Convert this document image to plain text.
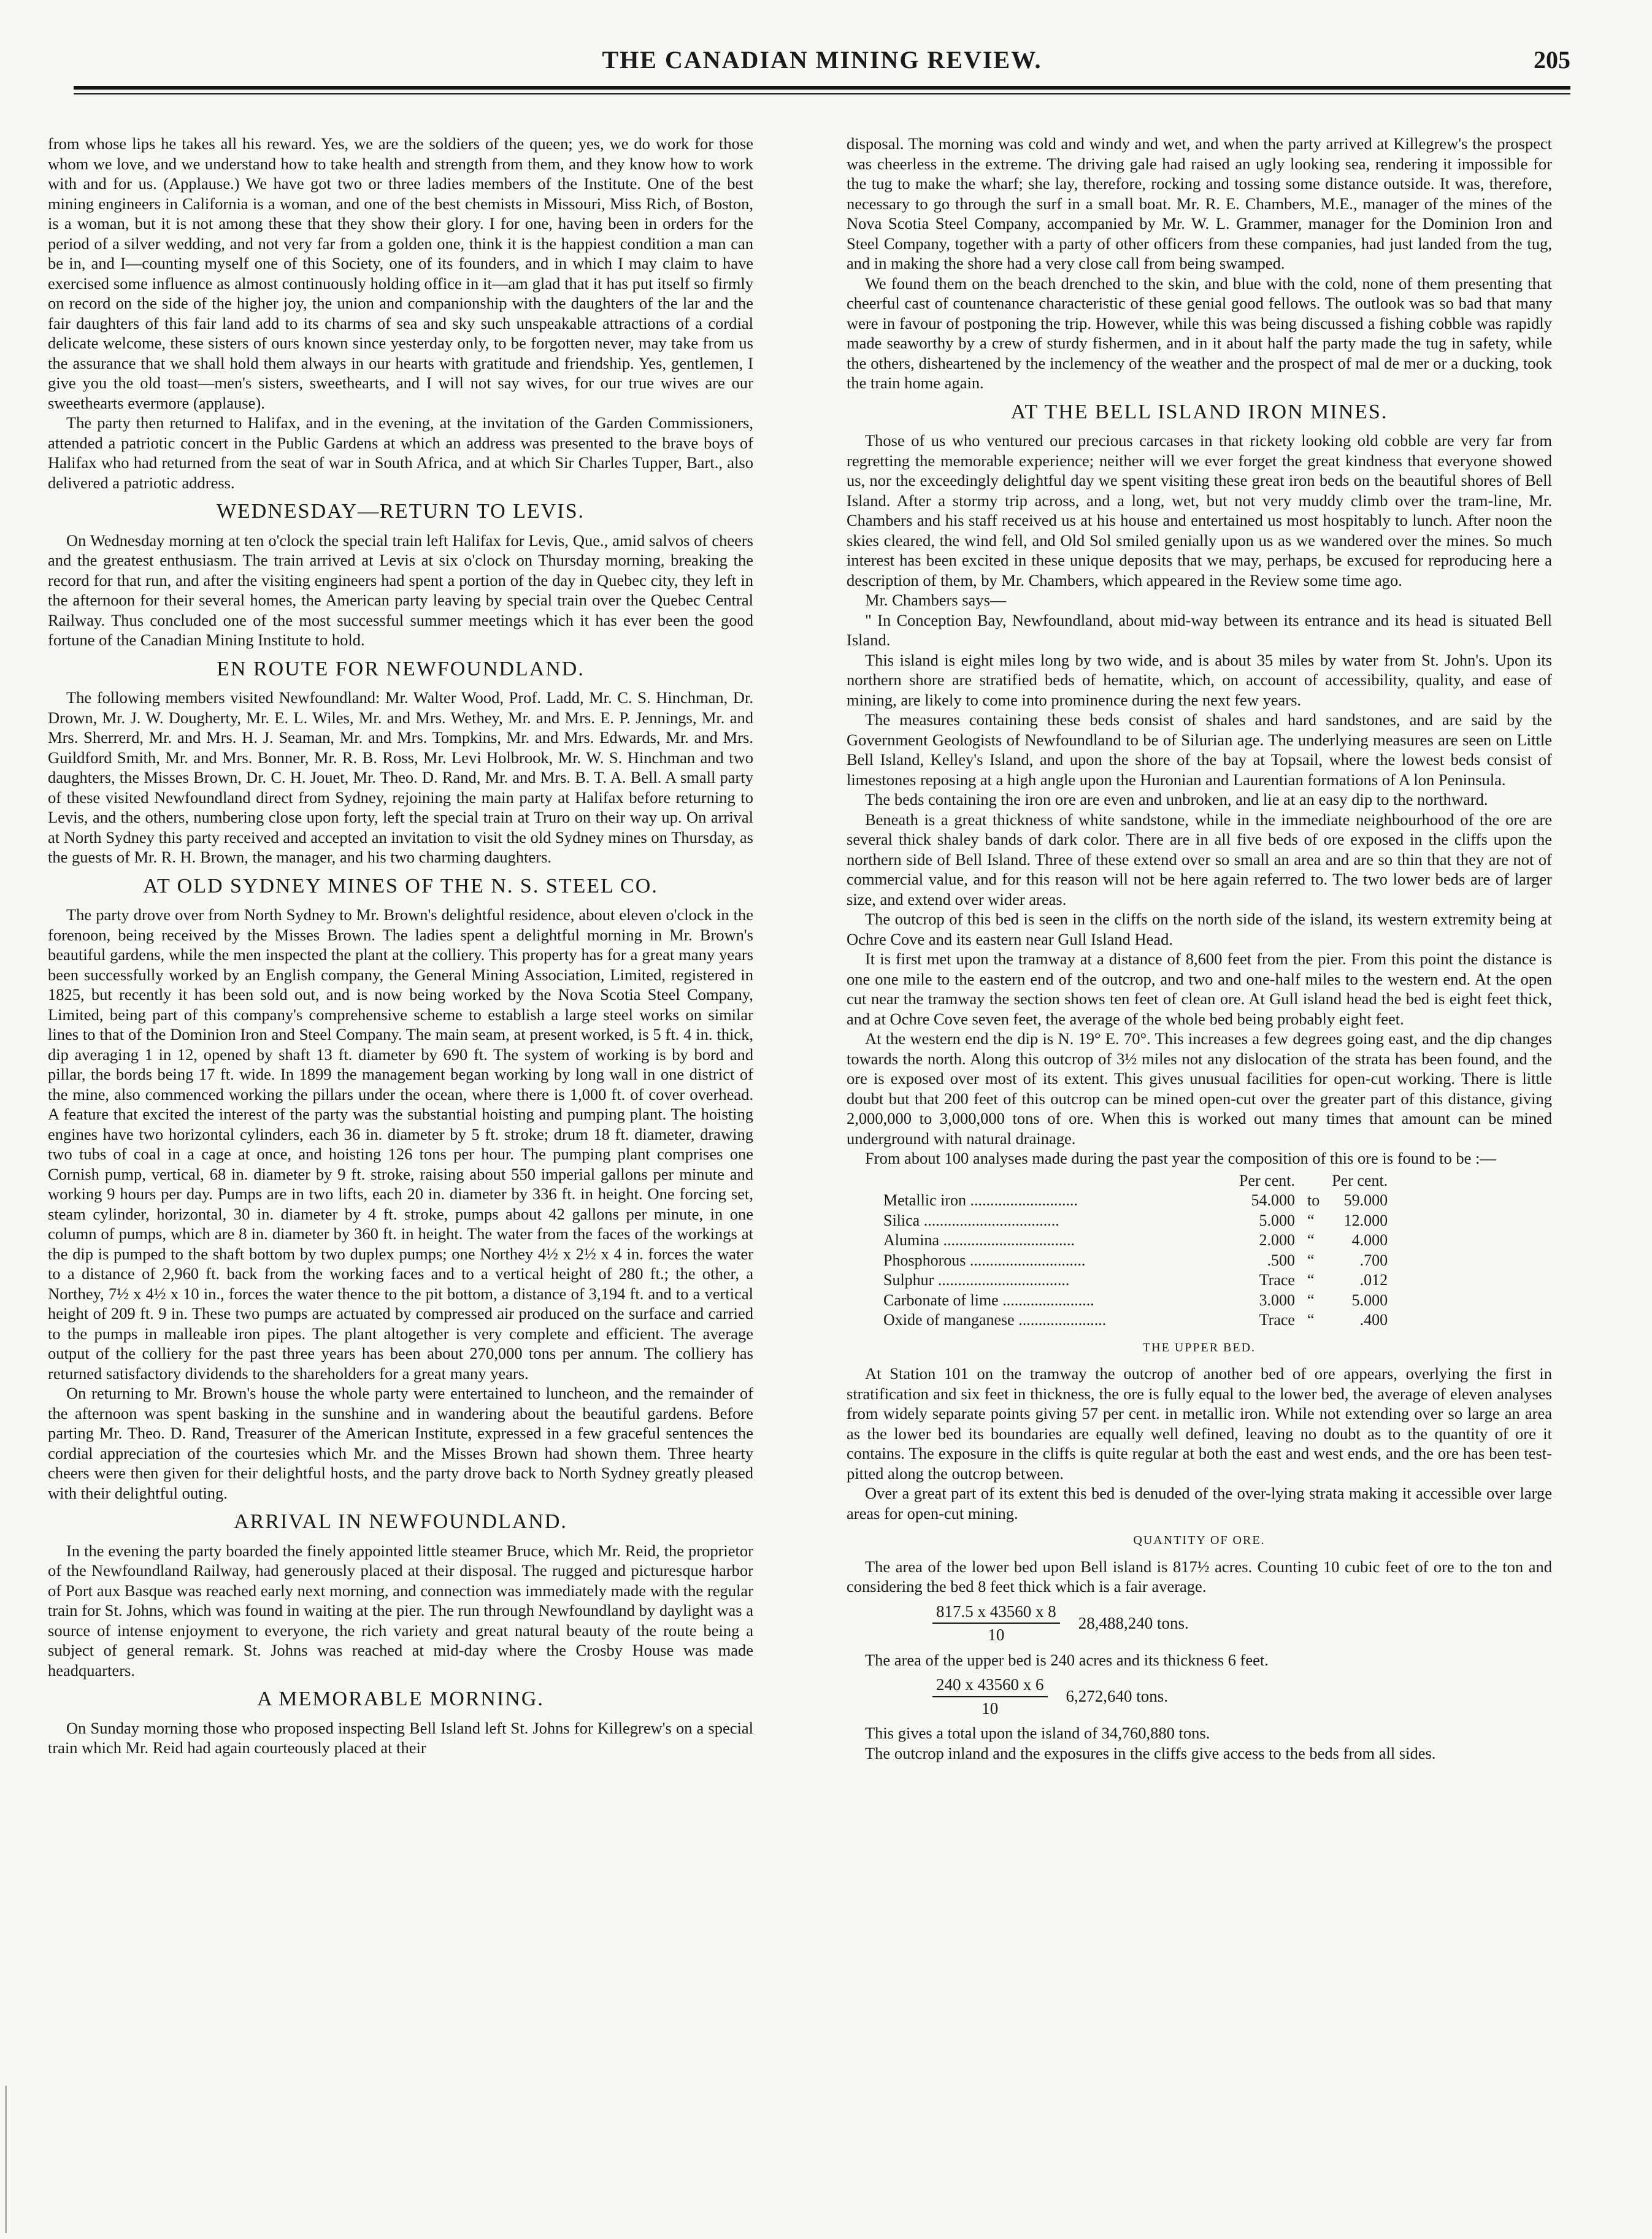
THE CANADIAN MINING REVIEW.	205

from whose lips he takes all his reward. Yes, we are the soldiers of the queen; yes, we do work for those whom we love, and we understand how to take health and strength from them, and they know how to work with and for us. (Applause.) We have got two or three ladies members of the Institute. One of the best mining engineers in California is a woman, and one of the best chemists in Missouri, Miss Rich, of Boston, is a woman, but it is not among these that they show their glory. I for one, having been in orders for the period of a silver wedding, and not very far from a golden one, think it is the happiest condition a man can be in, and I—counting myself one of this Society, one of its founders, and in which I may claim to have exercised some influence as almost continuously holding office in it—am glad that it has put itself so firmly on record on the side of the higher joy, the union and companionship with the daughters of the lar and the fair daughters of this fair land add to its charms of sea and sky such unspeakable attractions of a cordial delicate welcome, these sisters of ours known since yesterday only, to be forgotten never, may take from us the assurance that we shall hold them always in our hearts with gratitude and friendship. Yes, gentlemen, I give you the old toast—men's sisters, sweethearts, and I will not say wives, for our true wives are our sweethearts evermore (applause).

The party then returned to Halifax, and in the evening, at the invitation of the Garden Commissioners, attended a patriotic concert in the Public Gardens at which an address was presented to the brave boys of Halifax who had returned from the seat of war in South Africa, and at which Sir Charles Tupper, Bart., also delivered a patriotic address.

WEDNESDAY—RETURN TO LEVIS.

On Wednesday morning at ten o'clock the special train left Halifax for Levis, Que., amid salvos of cheers and the greatest enthusiasm. The train arrived at Levis at six o'clock on Thursday morning, breaking the record for that run, and after the visiting engineers had spent a portion of the day in Quebec city, they left in the afternoon for their several homes, the American party leaving by special train over the Quebec Central Railway. Thus concluded one of the most successful summer meetings which it has ever been the good fortune of the Canadian Mining Institute to hold.

EN ROUTE FOR NEWFOUNDLAND.

The following members visited Newfoundland: Mr. Walter Wood, Prof. Ladd, Mr. C. S. Hinchman, Dr. Drown, Mr. J. W. Dougherty, Mr. E. L. Wiles, Mr. and Mrs. Wethey, Mr. and Mrs. E. P. Jennings, Mr. and Mrs. Sherrerd, Mr. and Mrs. H. J. Seaman, Mr. and Mrs. Tompkins, Mr. and Mrs. Edwards, Mr. and Mrs. Guildford Smith, Mr. and Mrs. Bonner, Mr. R. B. Ross, Mr. Levi Holbrook, Mr. W. S. Hinchman and two daughters, the Misses Brown, Dr. C. H. Jouet, Mr. Theo. D. Rand, Mr. and Mrs. B. T. A. Bell. A small party of these visited Newfoundland direct from Sydney, rejoining the main party at Halifax before returning to Levis, and the others, numbering close upon forty, left the special train at Truro on their way up. On arrival at North Sydney this party received and accepted an invitation to visit the old Sydney mines on Thursday, as the guests of Mr. R. H. Brown, the manager, and his two charming daughters.

AT OLD SYDNEY MINES OF THE N. S. STEEL CO.

The party drove over from North Sydney to Mr. Brown's delightful residence, about eleven o'clock in the forenoon, being received by the Misses Brown. The ladies spent a delightful morning in Mr. Brown's beautiful gardens, while the men inspected the plant at the colliery. This property has for a great many years been successfully worked by an English company, the General Mining Association, Limited, registered in 1825, but recently it has been sold out, and is now being worked by the Nova Scotia Steel Company, Limited, being part of this company's comprehensive scheme to establish a large steel works on similar lines to that of the Dominion Iron and Steel Company. The main seam, at present worked, is 5 ft. 4 in. thick, dip averaging 1 in 12, opened by shaft 13 ft. diameter by 690 ft. The system of working is by bord and pillar, the bords being 17 ft. wide. In 1899 the management began working by long wall in one district of the mine, also commenced working the pillars under the ocean, where there is 1,000 ft. of cover overhead. A feature that excited the interest of the party was the substantial hoisting and pumping plant. The hoisting engines have two horizontal cylinders, each 36 in. diameter by 5 ft. stroke; drum 18 ft. diameter, drawing two tubs of coal in a cage at once, and hoisting 126 tons per hour. The pumping plant comprises one Cornish pump, vertical, 68 in. diameter by 9 ft. stroke, raising about 550 imperial gallons per minute and working 9 hours per day. Pumps are in two lifts, each 20 in. diameter by 336 ft. in height. One forcing set, steam cylinder, horizontal, 30 in. diameter by 4 ft. stroke, pumps about 42 gallons per minute, in one column of pumps, which are 8 in. diameter by 360 ft. in height. The water from the faces of the workings at the dip is pumped to the shaft bottom by two duplex pumps; one Northey 4½ x 2½ x 4 in. forces the water to a distance of 2,960 ft. back from the working faces and to a vertical height of 280 ft.; the other, a Northey, 7½ x 4½ x 10 in., forces the water thence to the pit bottom, a distance of 3,194 ft. and to a vertical height of 209 ft. 9 in. These two pumps are actuated by compressed air produced on the surface and carried to the pumps in malleable iron pipes. The plant altogether is very complete and efficient. The average output of the colliery for the past three years has been about 270,000 tons per annum. The colliery has returned satisfactory dividends to the shareholders for a great many years.

On returning to Mr. Brown's house the whole party were entertained to luncheon, and the remainder of the afternoon was spent basking in the sunshine and in wandering about the beautiful gardens. Before parting Mr. Theo. D. Rand, Treasurer of the American Institute, expressed in a few graceful sentences the cordial appreciation of the courtesies which Mr. and the Misses Brown had shown them. Three hearty cheers were then given for their delightful hosts, and the party drove back to North Sydney greatly pleased with their delightful outing.

ARRIVAL IN NEWFOUNDLAND.

In the evening the party boarded the finely appointed little steamer Bruce, which Mr. Reid, the proprietor of the Newfoundland Railway, had generously placed at their disposal. The rugged and picturesque harbor of Port aux Basque was reached early next morning, and connection was immediately made with the regular train for St. Johns, which was found in waiting at the pier. The run through Newfoundland by daylight was a source of intense enjoyment to everyone, the rich variety and great natural beauty of the route being a subject of general remark. St. Johns was reached at mid-day where the Crosby House was made headquarters.

A MEMORABLE MORNING.

On Sunday morning those who proposed inspecting Bell Island left St. Johns for Killegrew's on a special train which Mr. Reid had again courteously placed at their

disposal. The morning was cold and windy and wet, and when the party arrived at Killegrew's the prospect was cheerless in the extreme. The driving gale had raised an ugly looking sea, rendering it impossible for the tug to make the wharf; she lay, therefore, rocking and tossing some distance outside. It was, therefore, necessary to go through the surf in a small boat. Mr. R. E. Chambers, M.E., manager of the mines of the Nova Scotia Steel Company, accompanied by Mr. W. L. Grammer, manager for the Dominion Iron and Steel Company, together with a party of other officers from these companies, had just landed from the tug, and in making the shore had a very close call from being swamped.

We found them on the beach drenched to the skin, and blue with the cold, none of them presenting that cheerful cast of countenance characteristic of these genial good fellows. The outlook was so bad that many were in favour of postponing the trip. However, while this was being discussed a fishing cobble was rapidly made seaworthy by a crew of sturdy fishermen, and in it about half the party made the tug in safety, while the others, disheartened by the inclemency of the weather and the prospect of mal de mer or a ducking, took the train home again.

AT THE BELL ISLAND IRON MINES.

Those of us who ventured our precious carcases in that rickety looking old cobble are very far from regretting the memorable experience; neither will we ever forget the great kindness that everyone showed us, nor the exceedingly delightful day we spent visiting these great iron beds on the beautiful shores of Bell Island. After a stormy trip across, and a long, wet, but not very muddy climb over the tram-line, Mr. Chambers and his staff received us at his house and entertained us most hospitably to lunch. After noon the skies cleared, the wind fell, and Old Sol smiled genially upon us as we wandered over the mines. So much interest has been excited in these unique deposits that we may, perhaps, be excused for reproducing here a description of them, by Mr. Chambers, which appeared in the Review some time ago.

Mr. Chambers says—

" In Conception Bay, Newfoundland, about mid-way between its entrance and its head is situated Bell Island.

This island is eight miles long by two wide, and is about 35 miles by water from St. John's. Upon its northern shore are stratified beds of hematite, which, on account of accessibility, quality, and ease of mining, are likely to come into prominence during the next few years.

The measures containing these beds consist of shales and hard sandstones, and are said by the Government Geologists of Newfoundland to be of Silurian age. The underlying measures are seen on Little Bell Island, Kelley's Island, and upon the shore of the bay at Topsail, where the lowest beds consist of limestones reposing at a high angle upon the Huronian and Laurentian formations of A lon Peninsula.

The beds containing the iron ore are even and unbroken, and lie at an easy dip to the northward.

Beneath is a great thickness of white sandstone, while in the immediate neighbourhood of the ore are several thick shaley bands of dark color. There are in all five beds of ore exposed in the cliffs upon the northern side of Bell Island. Three of these extend over so small an area and are so thin that they are not of commercial value, and for this reason will not be here again referred to. The two lower beds are of larger size, and extend over wider areas.

The outcrop of this bed is seen in the cliffs on the north side of the island, its western extremity being at Ochre Cove and its eastern near Gull Island Head.

It is first met upon the tramway at a distance of 8,600 feet from the pier. From this point the distance is one one mile to the eastern end of the outcrop, and two and one-half miles to the western end. At the open cut near the tramway the section shows ten feet of clean ore. At Gull island head the bed is eight feet thick, and at Ochre Cove seven feet, the average of the whole bed being probably eight feet.

At the western end the dip is N. 19° E. 70°. This increases a few degrees going east, and the dip changes towards the north. Along this outcrop of 3½ miles not any dislocation of the strata has been found, and the ore is exposed over most of its extent. This gives unusual facilities for open-cut working. There is little doubt but that 200 feet of this outcrop can be mined open-cut over the greater part of this distance, giving 2,000,000 to 3,000,000 tons of ore. When this is worked out many times that amount can be mined underground with natural drainage.

From about 100 analyses made during the past year the composition of this ore is found to be :—

	Per cent.		Per cent.
Metallic iron ...........................	54.000	to	59.000
Silica ..................................	5.000	“	12.000
Alumina .................................	2.000	“	4.000
Phosphorous .............................	.500	“	.700
Sulphur .................................	Trace	“	.012
Carbonate of lime .......................	3.000	“	5.000
Oxide of manganese ......................	Trace	“	.400
THE UPPER BED.

At Station 101 on the tramway the outcrop of another bed of ore appears, overlying the first in stratification and six feet in thickness, the ore is fully equal to the lower bed, the average of eleven analyses from widely separate points giving 57 per cent. in metallic iron. While not extending over so large an area as the lower bed its boundaries are equally well defined, leaving no doubt as to the quantity of ore it contains. The exposure in the cliffs is quite regular at both the east and west ends, and the ore has been test-pitted along the outcrop between.

Over a great part of its extent this bed is denuded of the over-lying strata making it accessible over large areas for open-cut mining.

QUANTITY OF ORE.

The area of the lower bed upon Bell island is 817½ acres. Counting 10 cubic feet of ore to the ton and considering the bed 8 feet thick which is a fair average.

$\frac{817.5 x 43560 x 8}{10} 28,488,240$ tons.

The area of the upper bed is 240 acres and its thickness 6 feet.

$\frac{240 x 43560 x 6}{10} 6,272,640$ tons.

This gives a total upon the island of 34,760,880 tons.

The outcrop inland and the exposures in the cliffs give access to the beds from all sides.
